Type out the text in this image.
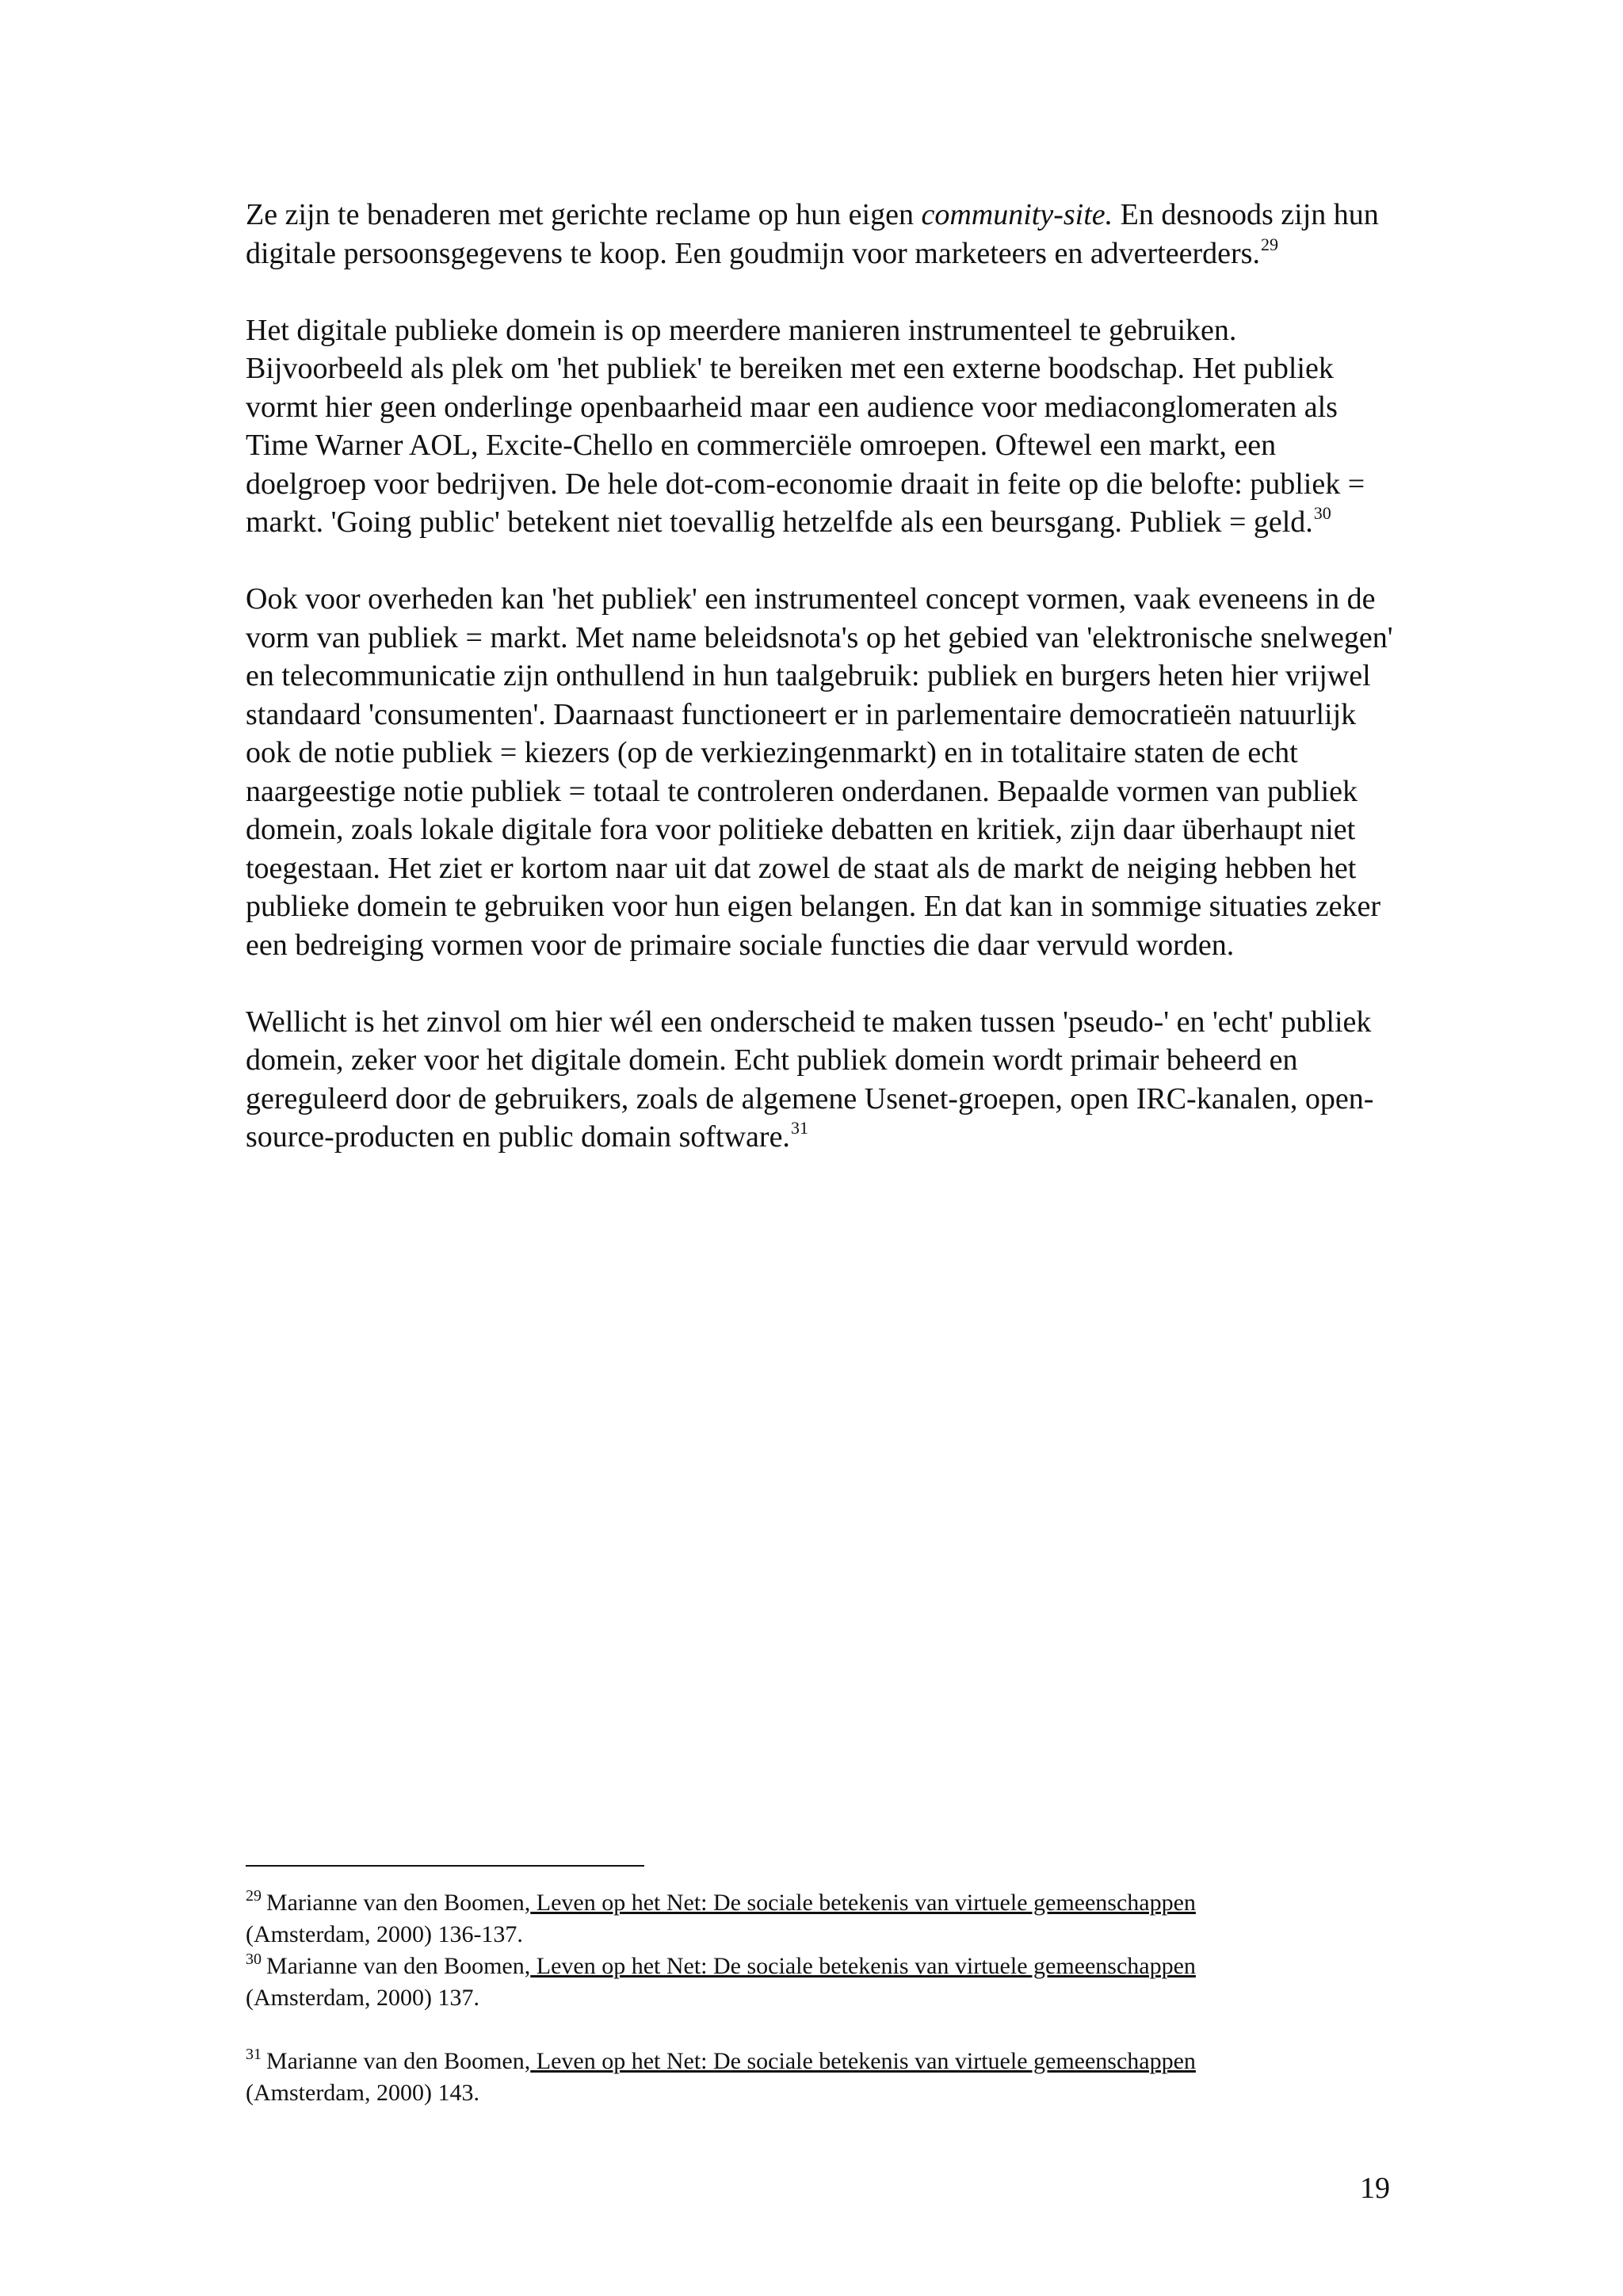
Ze zijn te benaderen met gerichte reclame op hun eigen community-site. En desnoods zijn hun digitale persoonsgegevens te koop. Een goudmijn voor marketeers en adverteerders.$^{29}$

Het digitale publieke domein is op meerdere manieren instrumenteel te gebruiken. Bijvoorbeeld als plek om 'het publiek' te bereiken met een externe boodschap. Het publiek vormt hier geen onderlinge openbaarheid maar een audience voor mediaconglomeraten als Time Warner AOL, Excite-Chello en commerciële omroepen. Oftewel een markt, een doelgroep voor bedrijven. De hele dot-com-economie draait in feite op die belofte: publiek = markt. 'Going public' betekent niet toevallig hetzelfde als een beursgang. Publiek = geld.$^{30}$

Ook voor overheden kan 'het publiek' een instrumenteel concept vormen, vaak eveneens in de vorm van publiek = markt. Met name beleidsnota's op het gebied van 'elektronische snelwegen' en telecommunicatie zijn onthullend in hun taalgebruik: publiek en burgers heten hier vrijwel standaard 'consumenten'. Daarnaast functioneert er in parlementaire democratieën natuurlijk ook de notie publiek = kiezers (op de verkiezingenmarkt) en in totalitaire staten de echt naargeestige notie publiek = totaal te controleren onderdanen. Bepaalde vormen van publiek domein, zoals lokale digitale fora voor politieke debatten en kritiek, zijn daar überhaupt niet toegestaan. Het ziet er kortom naar uit dat zowel de staat als de markt de neiging hebben het publieke domein te gebruiken voor hun eigen belangen. En dat kan in sommige situaties zeker een bedreiging vormen voor de primaire sociale functies die daar vervuld worden.

Wellicht is het zinvol om hier wél een onderscheid te maken tussen 'pseudo-' en 'echt' publiek domein, zeker voor het digitale domein. Echt publiek domein wordt primair beheerd en gereguleerd door de gebruikers, zoals de algemene Usenet-groepen, open IRC-kanalen, open-source-producten en public domain software.$^{31}$

$^{29}$ Marianne van den Boomen, Leven op het Net: De sociale betekenis van virtuele gemeenschappen
(Amsterdam, 2000) 136-137.

$^{30}$ Marianne van den Boomen, Leven op het Net: De sociale betekenis van virtuele gemeenschappen
(Amsterdam, 2000) 137.

$^{31}$ Marianne van den Boomen, Leven op het Net: De sociale betekenis van virtuele gemeenschappen
(Amsterdam, 2000) 143.

19
